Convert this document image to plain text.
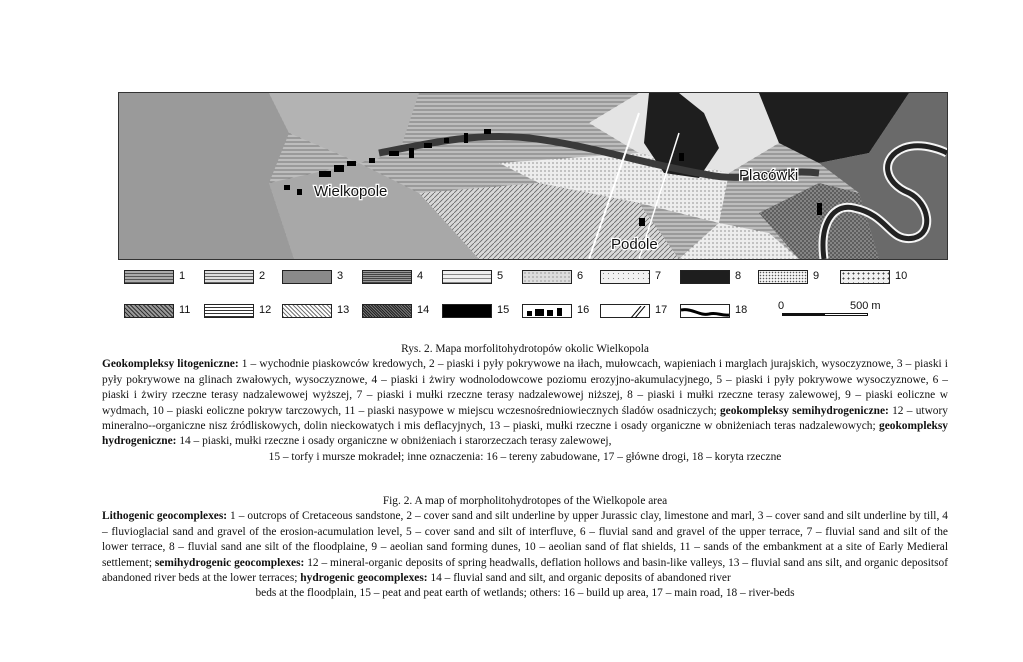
Wielkopole
Placówki
Podole
1	2	3	4	5	6	7	8	9	10
11	12	13	14	15	16	17	18	0	500 m
Rys. 2. Mapa morfolitohydrotopów okolic Wielkopola
Geokompleksy litogeniczne: 1 – wychodnie piaskowców kredowych, 2 – piaski i pyły pokrywowe na iłach, mułowcach, wapieniach i marglach jurajskich, wysoczyznowe, 3 – piaski i pyły pokrywowe na glinach zwałowych, wysoczyznowe, 4 – piaski i żwiry wodnolodowcowe poziomu erozyjno-akumulacyjnego, 5 – piaski i pyły pokrywowe wysoczyznowe, 6 – piaski i żwiry rzeczne terasy nadzalewowej wyższej, 7 – piaski i mułki rzeczne terasy nadzalewowej niższej, 8 – piaski i mułki rzeczne terasy zalewowej, 9 – piaski eoliczne w wydmach, 10 – piaski eoliczne pokryw tarczowych, 11 – piaski nasypowe w miejscu wczesnośredniowiecznych śladów osadniczych; geokompleksy semihydrogeniczne: 12 – utwory mineralno--organiczne nisz źródliskowych, dolin nieckowatych i mis deflacyjnych, 13 – piaski, mułki rzeczne i osady organiczne w obniżeniach teras nadzalewowych; geokompleksy hydrogeniczne: 14 – piaski, mułki rzeczne i osady organiczne w obniżeniach i starorzeczach terasy zalewowej,
15 – torfy i mursze mokradeł; inne oznaczenia: 16 – tereny zabudowane, 17 – główne drogi, 18 – koryta rzeczne
Fig. 2. A map of morpholitohydrotopes of the Wielkopole area
Lithogenic geocomplexes: 1 – outcrops of Cretaceous sandstone, 2 – cover sand and silt underline by upper Jurassic clay, limestone and marl, 3 – cover sand and silt underline by till, 4 – fluvioglacial sand and gravel of the erosion-acumulation level, 5 – cover sand and silt of interfluve, 6 – fluvial sand and gravel of the upper terrace, 7 – fluvial sand and silt of the lower terrace, 8 – fluvial sand ane silt of the floodplaine, 9 – aeolian sand forming dunes, 10 – aeolian sand of flat shields, 11 – sands of the embankment at a site of Early Medieral settlement; semihydrogenic geocomplexes: 12 – mineral-organic deposits of spring headwalls, deflation hollows and basin-like valleys, 13 – fluvial sand ans silt, and organic depositsof abandoned river beds at the lower terraces; hydrogenic geocomplexes: 14 – fluvial sand and silt, and organic deposits of abandoned river
beds at the floodplain, 15 – peat and peat earth of wetlands; others: 16 – build up area, 17 – main road, 18 – river-beds
